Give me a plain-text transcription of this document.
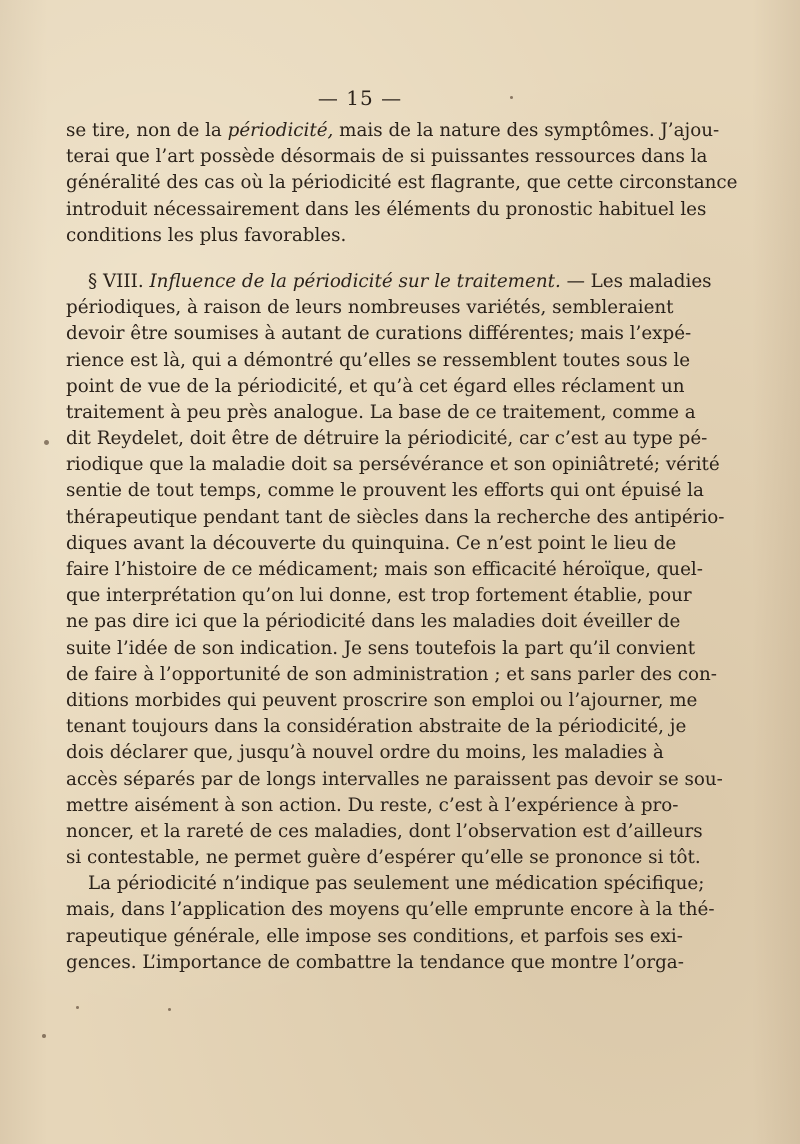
— 15 —
se tire, non de la périodicité, mais de la nature des symptômes. J’ajou-
terai que l’art possède désormais de si puissantes ressources dans la
généralité des cas où la périodicité est flagrante, que cette circonstance
introduit nécessairement dans les éléments du pronostic habituel les
conditions les plus favorables.
§ VIII. Influence de la périodicité sur le traitement. — Les maladies
périodiques, à raison de leurs nombreuses variétés, sembleraient
devoir être soumises à autant de curations différentes; mais l’expé-
rience est là, qui a démontré qu’elles se ressemblent toutes sous le
point de vue de la périodicité, et qu’à cet égard elles réclament un
traitement à peu près analogue. La base de ce traitement, comme a
dit Reydelet, doit être de détruire la périodicité, car c’est au type pé-
riodique que la maladie doit sa persévérance et son opiniâtreté; vérité
sentie de tout temps, comme le prouvent les efforts qui ont épuisé la
thérapeutique pendant tant de siècles dans la recherche des antipério-
diques avant la découverte du quinquina. Ce n’est point le lieu de
faire l’histoire de ce médicament; mais son efficacité héroïque, quel-
que interprétation qu’on lui donne, est trop fortement établie, pour
ne pas dire ici que la périodicité dans les maladies doit éveiller de
suite l’idée de son indication. Je sens toutefois la part qu’il convient
de faire à l’opportunité de son administration ; et sans parler des con-
ditions morbides qui peuvent proscrire son emploi ou l’ajourner, me
tenant toujours dans la considération abstraite de la périodicité, je
dois déclarer que, jusqu’à nouvel ordre du moins, les maladies à
accès séparés par de longs intervalles ne paraissent pas devoir se sou-
mettre aisément à son action. Du reste, c’est à l’expérience à pro-
noncer, et la rareté de ces maladies, dont l’observation est d’ailleurs
si contestable, ne permet guère d’espérer qu’elle se prononce si tôt.
La périodicité n’indique pas seulement une médication spécifique;
mais, dans l’application des moyens qu’elle emprunte encore à la thé-
rapeutique générale, elle impose ses conditions, et parfois ses exi-
gences. L’importance de combattre la tendance que montre l’orga-
